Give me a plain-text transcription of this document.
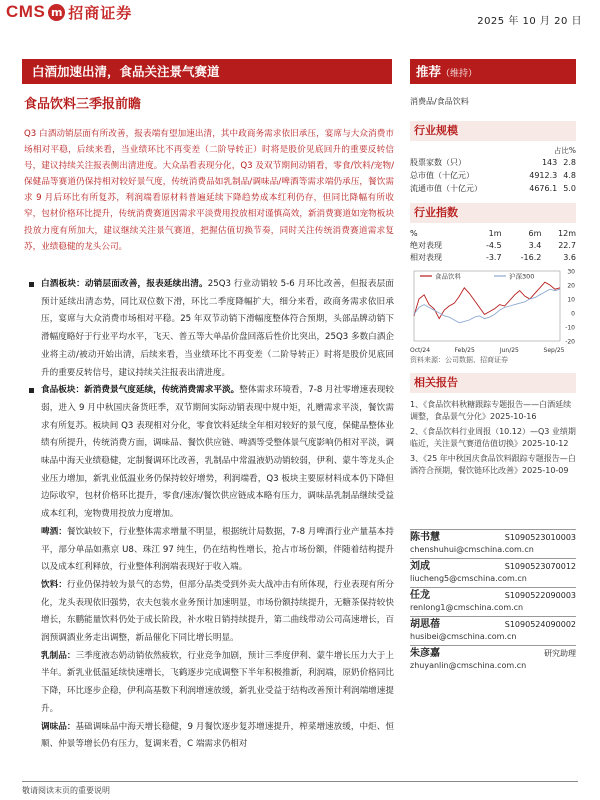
CMS m 招商证券	2025 年 10 月 20 日
白酒加速出清，食品关注景气赛道	推荐（维持）
食品饮料三季报前瞻
Q3 白酒动销层面有所改善，报表端有望加速出清，其中政商务需求依旧承压，宴席与大众消费市场相对平稳，后续来看，当业绩环比不再变差（二阶导转正）时将是股价见底回升的重要反转信号，建议持续关注报表侧出清进度。大众品看表现分化，Q3 及双节期间动销看，零食/饮料/宠物/保健品等赛道仍保持相对较好景气度，传统消费品如乳制品/调味品/啤酒等需求端仍承压，餐饮需求 9 月后环比有所复苏，利润端看原材料普遍延续下降趋势成本红利仍存，但同比降幅有所收窄，包材价格环比提升，传统消费赛道因需求平淡费用投放相对谨慎高效，新消费赛道如宠物板块投放力度有所加大，建议继续关注景气赛道，把握估值切换节奏，同时关注传统消费赛道需求复苏，业绩稳健的龙头公司。
白酒板块：动销层面改善，报表延续出清。25Q3 行业动销较 5-6 月环比改善，但报表层面预计延续出清态势，同比双位数下滑，环比二季度降幅扩大，细分来看，政商务需求依旧承压，宴席与大众消费市场相对平稳。25 年双节动销下滑幅度整体符合预期，头部品牌动销下滑幅度略好于行业平均水平，飞天、普五等大单品价盘回落后性价比突出，25Q3 多数白酒企业将主动/被动开始出清，后续来看，当业绩环比不再变差（二阶导转正）时将是股价见底回升的重要反转信号，建议持续关注报表出清进度。
食品板块：新消费景气度延续，传统消费需求平淡。整体需求环境看，7-8 月社零增速表现较弱，进入 9 月中秋国庆备货旺季，双节期间实际动销表现中规中矩，礼赠需求平淡，餐饮需求有所复苏。板块间 Q3 表现相对分化，零食饮料延续全年相对较好的景气度，保健品整体业绩有所提升，传统消费方面，调味品、餐饮供应链、啤酒等受整体景气度影响仍相对平淡，调味品中海天业绩稳健，定制餐调环比改善，乳制品中常温液奶动销较弱，伊利、蒙牛等龙头企业压力增加，新乳业低温业务仍保持较好增势，利润端看，Q3 板块主要原材料成本仍下降但边际收窄，包材价格环比提升，零食/速冻/餐饮供应链成本略有压力，调味品乳制品继续受益成本红利，宠物费用投放力度增加。
啤酒：餐饮缺较下，行业整体需求增量不明显，根据统计局数据，7-8 月啤酒行业产量基本持平，部分单品如燕京 U8、珠江 97 纯生，仍在结构性增长，抢占市场份额，伴随着结构提升以及成本红利释放，行业整体利润端表现好于收入端。
饮料：行业仍保持较为景气的态势，但部分品类受到外卖大战冲击有所体现，行业表现有所分化，龙头表现依旧强势，农夫包装水业务预计加速明显，市场份额持续提升，无糖茶保持较快增长，东鹏能量饮料仍处于成长阶段，补水啦日销持续提升，第二曲线带动公司高速增长，百润预调酒业务走出调整，新品催化下同比增长明显。
乳制品：三季度液态奶动销依然疲软，行业竞争加剧，预计三季度伊利、蒙牛增长压力大于上半年。新乳业低温延续快速增长，飞鹤逐步完成调整下半年积极推新，利润端，原奶价格同比下降，环比逐步企稳，伊利高基数下利润增速放缓，新乳业受益于结构改善预计利润端增速提升。
调味品：基础调味品中海天增长稳健，9 月餐饮逐步复苏增速提升，榨菜增速放缓，中炬、恒顺、仲景等增长仍有压力，复调来看，C 端需求仍相对
消费品/食品饮料
行业规模
占比%
股票家数（只）	143	2.8
总市值（十亿元）	4912.3	4.8
流通市值（十亿元）	4676.1	5.0
行业指数
%	1m	6m	12m
绝对表现	-4.5	3.4	22.7
相对表现	-3.7	-16.2	3.6
30
20
10
0
-10
-20
Oct/24	Feb/25	Jun/25	Sep/25
食品饮料	沪深300
资料来源：公司数据、招商证券
相关报告
1、《食品饮料秋糖跟踪专题报告——白酒延续调整，食品景气分化》2025-10-16
2、《食品饮料行业周报（10.12）—Q3 业绩期临近，关注景气赛道估值切换》2025-10-12
3、《25 年中秋国庆食品饮料跟踪专题报告—白酒符合预期，餐饮链环比改善》2025-10-09
陈书慧	S1090523010003
chenshuhui@cmschina.com.cn
刘成	S1090523070012
liucheng5@cmschina.com.cn
任龙	S1090522090003
renlong1@cmschina.com.cn
胡思蓓	S1090524090002
husibei@cmschina.com.cn
朱彦嘉	研究助理
zhuyanlin@cmschina.com.cn
敬请阅读末页的重要说明
